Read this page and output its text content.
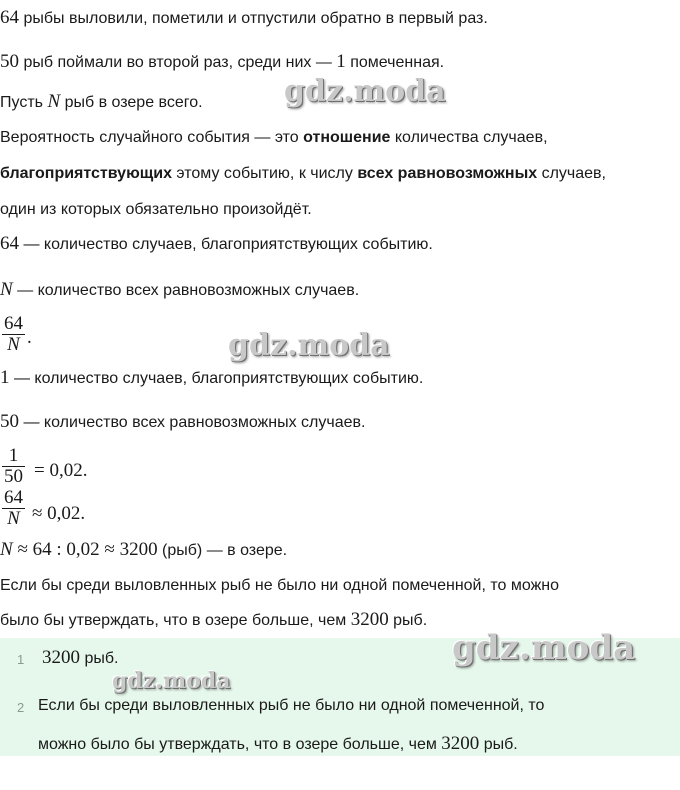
64 рыбы выловили, пометили и отпустили обратно в первый раз.
50 рыб поймали во второй раз, среди них — 1 помеченная.
Пусть N рыб в озере всего.
Вероятность случайного события — это отношение количества случаев,
благоприятствующих этому событию, к числу всех равновозможных случаев,
один из которых обязательно произойдёт.
64 — количество случаев, благоприятствующих событию.
N — количество всех равновозможных случаев.
64
N .
1 — количество случаев, благоприятствующих событию.
50 — количество всех равновозможных случаев.
1
50 = 0,02.
64
N ≈ 0,02.
N ≈ 64 : 0,02 ≈ 3200 (рыб) — в озере.
Если бы среди выловленных рыб не было ни одной помеченной, то можно
было бы утверждать, что в озере больше, чем 3200 рыб.
1 3200 рыб.
2 Если бы среди выловленных рыб не было ни одной помеченной, то
можно было бы утверждать, что в озере больше, чем 3200 рыб.
gdz.moda
gdz.moda
gdz.moda
gdz.moda
